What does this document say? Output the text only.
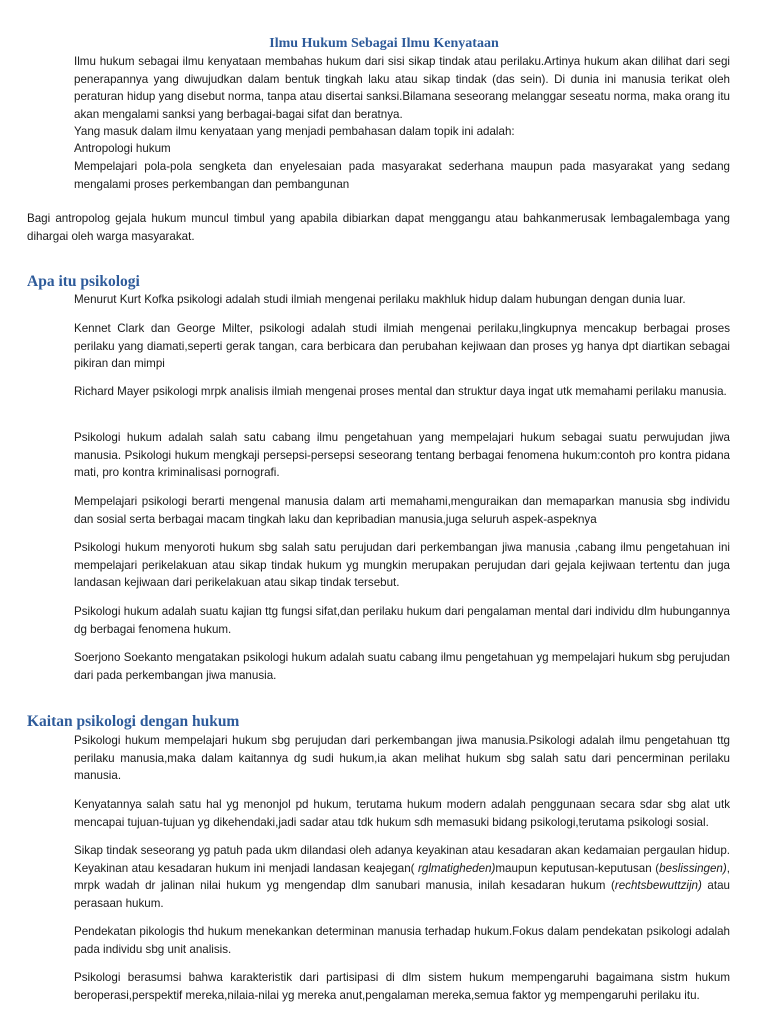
Ilmu Hukum Sebagai Ilmu Kenyataan

Ilmu hukum sebagai ilmu kenyataan membahas hukum dari sisi sikap tindak atau perilaku.Artinya hukum akan dilihat dari segi penerapannya yang diwujudkan dalam bentuk tingkah laku atau sikap tindak (das sein). Di dunia ini manusia terikat oleh peraturan hidup yang disebut norma, tanpa atau disertai sanksi.Bilamana seseorang melanggar seseatu norma, maka orang itu akan mengalami sanksi yang berbagai-bagai sifat dan beratnya.

Yang masuk dalam ilmu kenyataan yang menjadi pembahasan dalam topik ini adalah:

Antropologi hukum

Mempelajari pola-pola sengketa dan enyelesaian pada masyarakat sederhana maupun pada masyarakat yang sedang mengalami proses perkembangan dan pembangunan

Bagi antropolog gejala hukum muncul timbul yang apabila dibiarkan dapat menggangu atau bahkanmerusak lembagalembaga yang dihargai oleh warga masyarakat.

Apa itu psikologi

Menurut Kurt Kofka psikologi adalah studi ilmiah mengenai perilaku makhluk hidup dalam hubungan dengan dunia luar.

Kennet Clark dan George Milter, psikologi adalah studi ilmiah mengenai perilaku,lingkupnya mencakup berbagai proses perilaku yang diamati,seperti gerak tangan, cara berbicara dan perubahan kejiwaan dan proses yg hanya dpt diartikan sebagai pikiran dan mimpi

Richard Mayer psikologi mrpk analisis ilmiah mengenai proses mental dan struktur daya ingat utk memahami perilaku manusia.

Psikologi hukum adalah salah satu cabang ilmu pengetahuan yang mempelajari hukum sebagai suatu perwujudan jiwa manusia. Psikologi hukum mengkaji persepsi-persepsi seseorang tentang berbagai fenomena hukum:contoh pro kontra pidana mati, pro kontra kriminalisasi pornografi.

Mempelajari psikologi berarti mengenal manusia dalam arti memahami,menguraikan dan memaparkan manusia sbg individu dan sosial serta berbagai macam tingkah laku dan kepribadian manusia,juga seluruh aspek-aspeknya

Psikologi hukum menyoroti hukum sbg salah satu perujudan dari perkembangan jiwa manusia ,cabang ilmu pengetahuan ini mempelajari perikelakuan atau sikap tindak hukum yg mungkin merupakan perujudan dari gejala kejiwaan tertentu dan juga landasan kejiwaan dari perikelakuan atau sikap tindak tersebut.

Psikologi hukum adalah suatu kajian ttg fungsi sifat,dan perilaku hukum dari pengalaman mental dari individu dlm hubungannya dg berbagai fenomena hukum.

Soerjono Soekanto mengatakan psikologi hukum adalah suatu cabang ilmu pengetahuan yg mempelajari hukum sbg perujudan dari pada perkembangan jiwa manusia.

Kaitan psikologi dengan hukum

Psikologi hukum mempelajari hukum sbg perujudan dari perkembangan jiwa manusia.Psikologi adalah ilmu pengetahuan ttg perilaku manusia,maka dalam kaitannya dg sudi hukum,ia akan melihat hukum sbg salah satu dari pencerminan perilaku manusia.

Kenyatannya salah satu hal yg menonjol pd hukum, terutama hukum modern adalah penggunaan secara sdar sbg alat utk mencapai tujuan-tujuan yg dikehendaki,jadi sadar atau tdk hukum sdh memasuki bidang psikologi,terutama psikologi sosial.

Sikap tindak seseorang yg patuh pada ukm dilandasi oleh adanya keyakinan atau kesadaran akan kedamaian pergaulan hidup. Keyakinan atau kesadaran hukum ini menjadi landasan keajegan( rglmatigheden)maupun keputusan-keputusan (beslissingen), mrpk wadah dr jalinan nilai hukum yg mengendap dlm sanubari manusia, inilah kesadaran hukum (rechtsbewuttzijn) atau perasaan hukum.

Pendekatan pikologis thd hukum menekankan determinan manusia terhadap hukum.Fokus dalam pendekatan psikologi adalah pada individu sbg unit analisis.

Psikologi berasumsi bahwa karakteristik dari partisipasi di dlm sistem hukum mempengaruhi bagaimana sistm hukum beroperasi,perspektif mereka,nilaia-nilai yg mereka anut,pengalaman mereka,semua faktor yg mempengaruhi perilaku itu.
